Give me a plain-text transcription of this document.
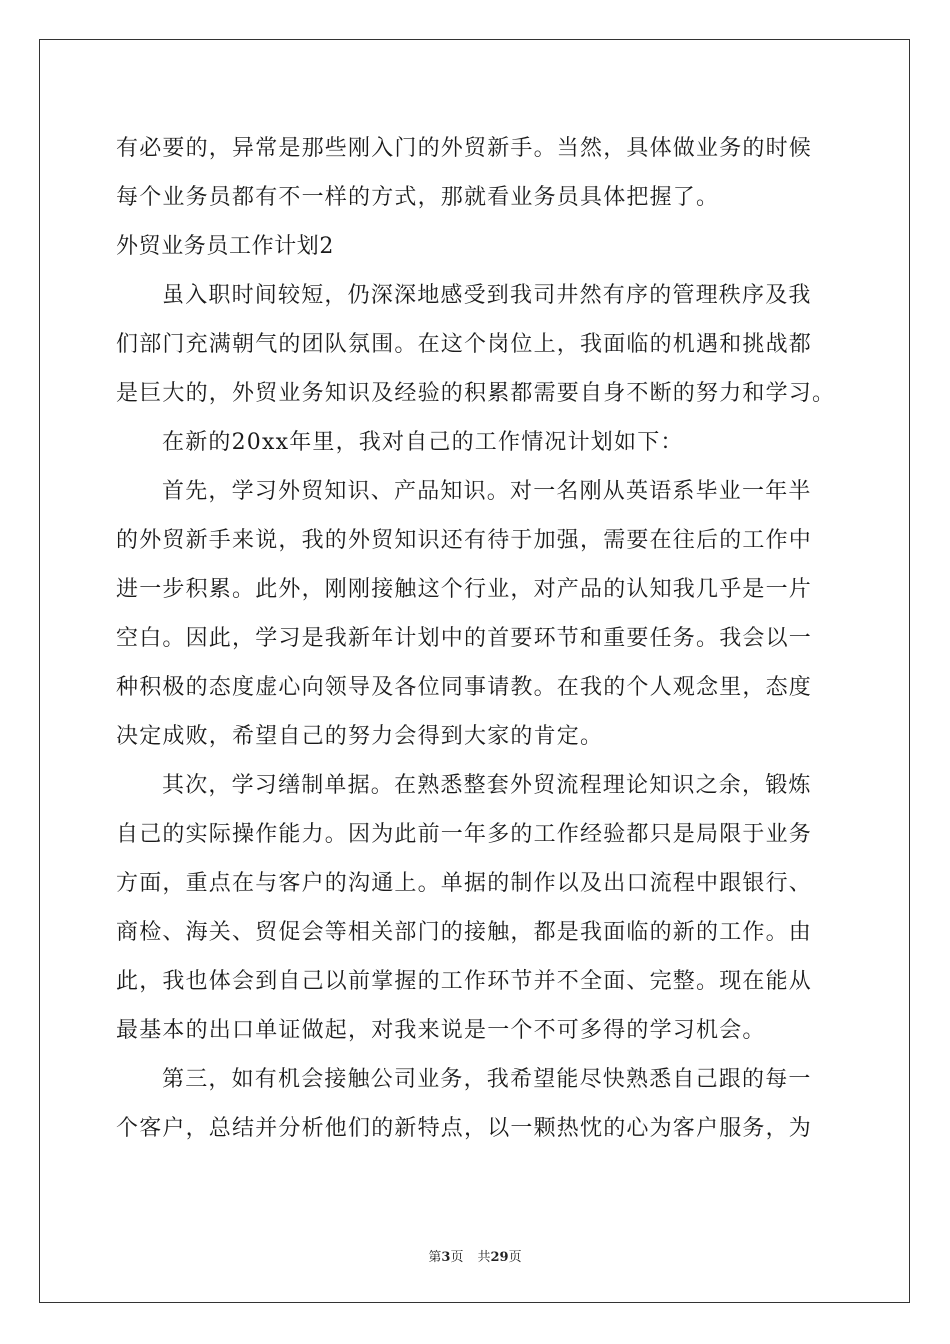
有必要的，异常是那些刚入门的外贸新手。当然，具体做业务的时候
每个业务员都有不一样的方式，那就看业务员具体把握了。
外贸业务员工作计划2
虽入职时间较短，仍深深地感受到我司井然有序的管理秩序及我
们部门充满朝气的团队氛围。在这个岗位上，我面临的机遇和挑战都
是巨大的，外贸业务知识及经验的积累都需要自身不断的努力和学习。
在新的20xx年里，我对自己的工作情况计划如下：
首先，学习外贸知识、产品知识。对一名刚从英语系毕业一年半
的外贸新手来说，我的外贸知识还有待于加强，需要在往后的工作中
进一步积累。此外，刚刚接触这个行业，对产品的认知我几乎是一片
空白。因此，学习是我新年计划中的首要环节和重要任务。我会以一
种积极的态度虚心向领导及各位同事请教。在我的个人观念里，态度
决定成败，希望自己的努力会得到大家的肯定。
其次，学习缮制单据。在熟悉整套外贸流程理论知识之余，锻炼
自己的实际操作能力。因为此前一年多的工作经验都只是局限于业务
方面，重点在与客户的沟通上。单据的制作以及出口流程中跟银行、
商检、海关、贸促会等相关部门的接触，都是我面临的新的工作。由
此，我也体会到自己以前掌握的工作环节并不全面、完整。现在能从
最基本的出口单证做起，对我来说是一个不可多得的学习机会。
第三，如有机会接触公司业务，我希望能尽快熟悉自己跟的每一
个客户，总结并分析他们的新特点，以一颗热忱的心为客户服务，为
第3页 共29页
